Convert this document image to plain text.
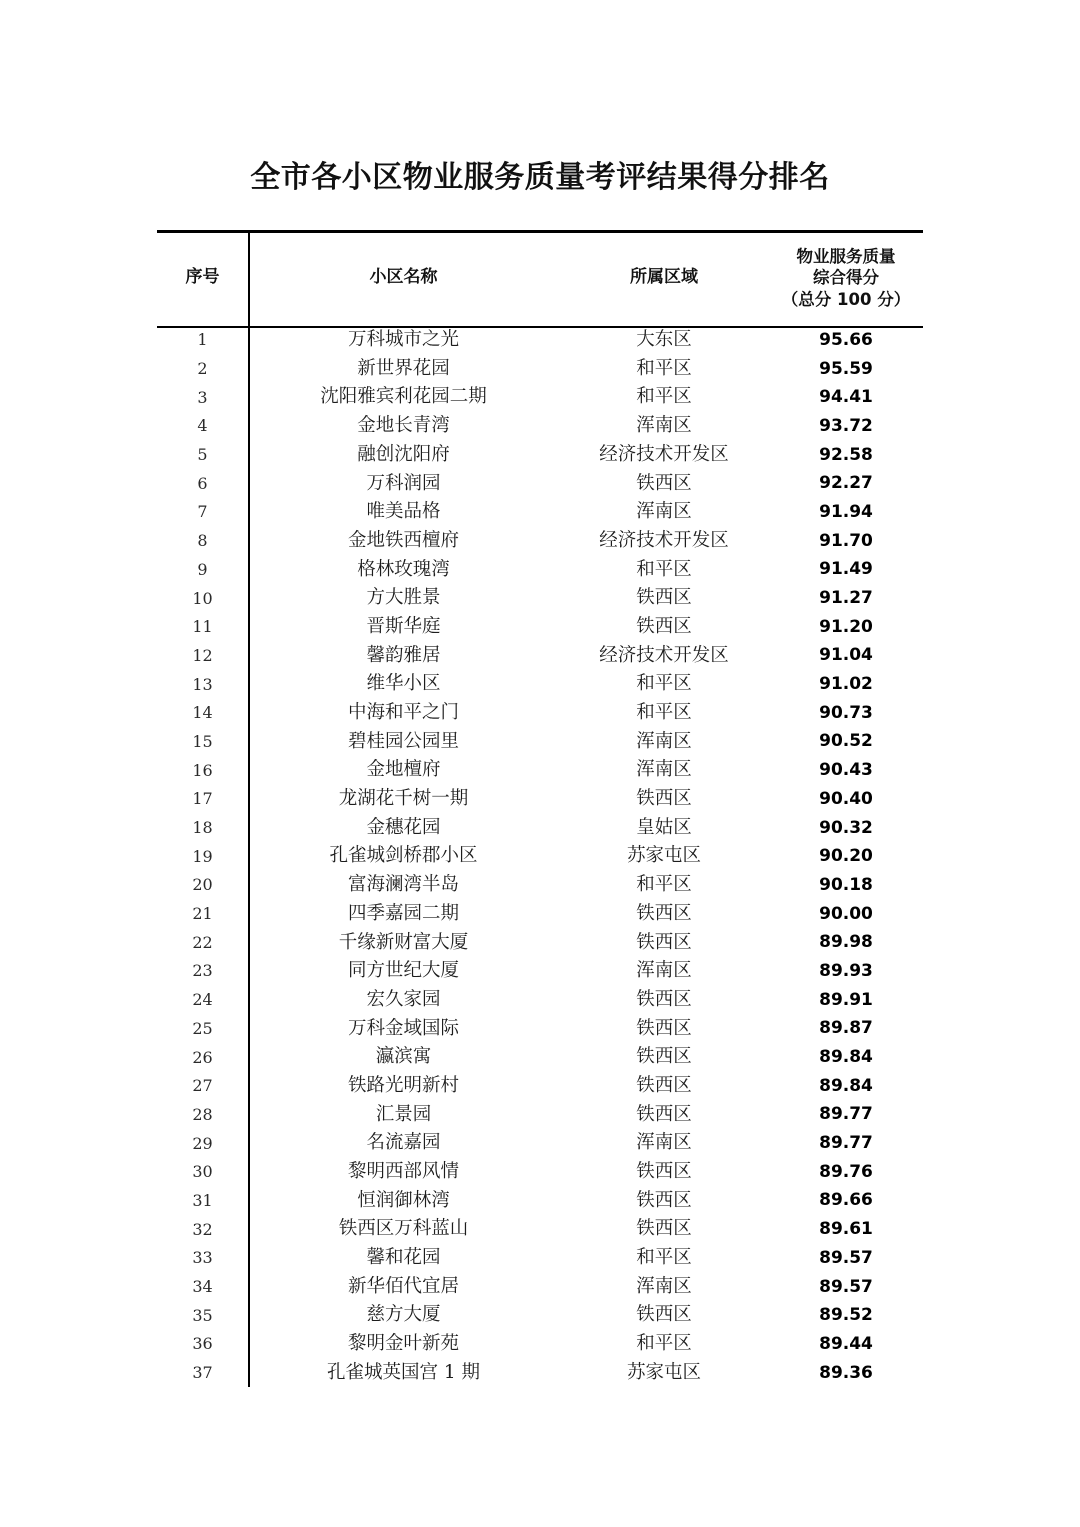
全市各小区物业服务质量考评结果得分排名
序号	小区名称	所属区域	物业服务质量
综合得分
（总分 100 分）

1	万科城市之光	大东区	95.66
2	新世界花园	和平区	95.59
3	沈阳雅宾利花园二期	和平区	94.41
4	金地长青湾	浑南区	93.72
5	融创沈阳府	经济技术开发区	92.58
6	万科润园	铁西区	92.27
7	唯美品格	浑南区	91.94
8	金地铁西檀府	经济技术开发区	91.70
9	格林玫瑰湾	和平区	91.49
10	方大胜景	铁西区	91.27
11	晋斯华庭	铁西区	91.20
12	馨韵雅居	经济技术开发区	91.04
13	维华小区	和平区	91.02
14	中海和平之门	和平区	90.73
15	碧桂园公园里	浑南区	90.52
16	金地檀府	浑南区	90.43
17	龙湖花千树一期	铁西区	90.40
18	金穗花园	皇姑区	90.32
19	孔雀城剑桥郡小区	苏家屯区	90.20
20	富海澜湾半岛	和平区	90.18
21	四季嘉园二期	铁西区	90.00
22	千缘新财富大厦	铁西区	89.98
23	同方世纪大厦	浑南区	89.93
24	宏久家园	铁西区	89.91
25	万科金域国际	铁西区	89.87
26	瀛滨寓	铁西区	89.84
27	铁路光明新村	铁西区	89.84
28	汇景园	铁西区	89.77
29	名流嘉园	浑南区	89.77
30	黎明西部风情	铁西区	89.76
31	恒润御林湾	铁西区	89.66
32	铁西区万科蓝山	铁西区	89.61
33	馨和花园	和平区	89.57
34	新华佰代宜居	浑南区	89.57
35	慈方大厦	铁西区	89.52
36	黎明金叶新苑	和平区	89.44
37	孔雀城英国宫 1 期	苏家屯区	89.36
